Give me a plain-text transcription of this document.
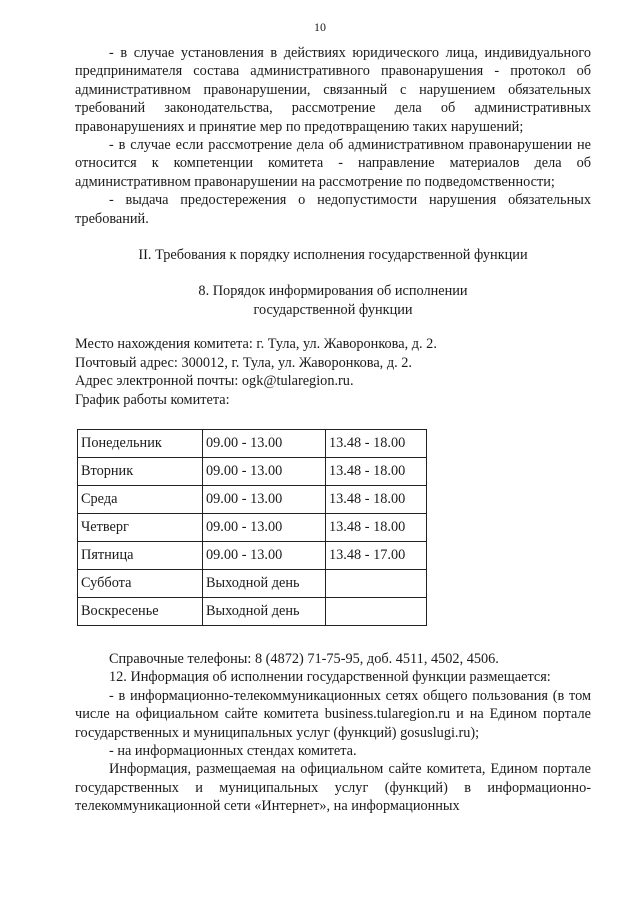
10

- в случае установления в действиях юридического лица, индивидуального предпринимателя состава административного правонарушения - протокол об административном правонарушении, связанный с нарушением обязательных требований законодательства, рассмотрение дела об административных правонарушениях и принятие мер по предотвращению таких нарушений;

- в случае если рассмотрение дела об административном правонарушении не относится к компетенции комитета - направление материалов дела об административном правонарушении на рассмотрение по подведомственности;

- выдача предостережения о недопустимости нарушения обязательных требований.

II. Требования к порядку исполнения государственной функции

8. Порядок информирования об исполнении

государственной функции

Место нахождения комитета: г. Тула, ул. Жаворонкова, д. 2.

Почтовый адрес: 300012, г. Тула, ул. Жаворонкова, д. 2.

Адрес электронной почты: ogk@tularegion.ru.

График работы комитета:

Понедельник	09.00 - 13.00	13.48 - 18.00
Вторник	09.00 - 13.00	13.48 - 18.00
Среда	09.00 - 13.00	13.48 - 18.00
Четверг	09.00 - 13.00	13.48 - 18.00
Пятница	09.00 - 13.00	13.48 - 17.00
Суббота	Выходной день	
Воскресенье	Выходной день	

Справочные телефоны: 8 (4872) 71-75-95, доб. 4511, 4502, 4506.

12. Информация об исполнении государственной функции размещается:

- в информационно-телекоммуникационных сетях общего пользования (в том числе на официальном сайте комитета business.tularegion.ru и на Едином портале государственных и муниципальных услуг (функций) gosuslugi.ru);

- на информационных стендах комитета.

Информация, размещаемая на официальном сайте комитета, Едином портале государственных и муниципальных услуг (функций) в информационно-телекоммуникационной сети «Интернет», на информационных
